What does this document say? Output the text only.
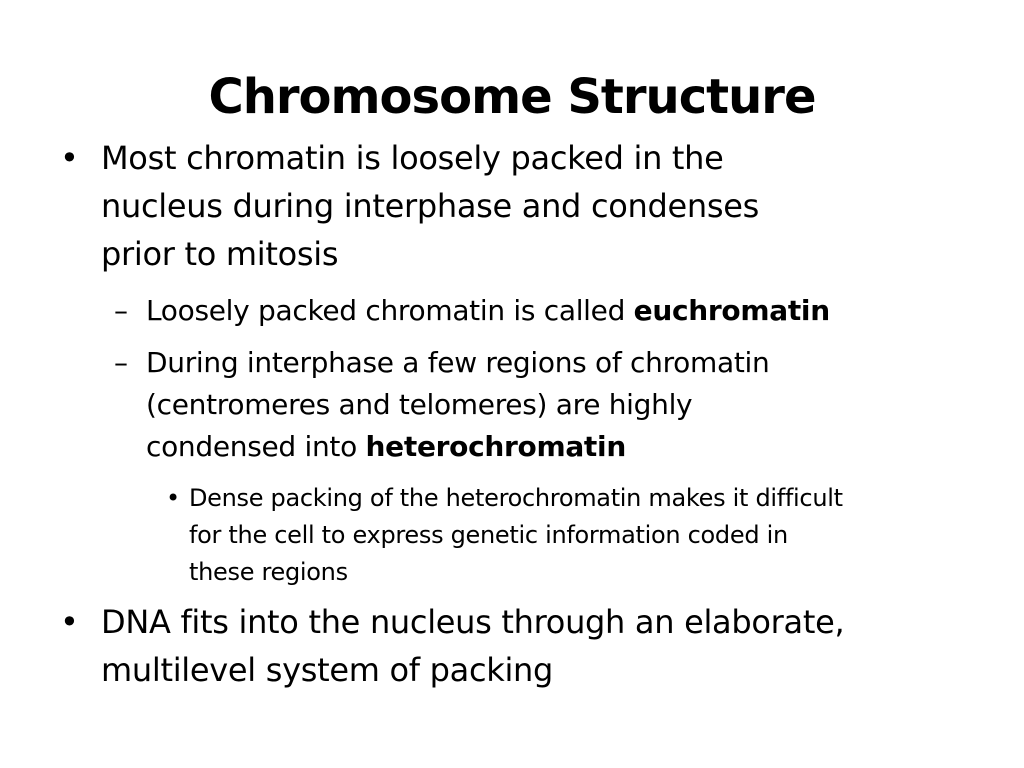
Chromosome Structure
• Most chromatin is loosely packed in the
nucleus during interphase and condenses
prior to mitosis
– Loosely packed chromatin is called euchromatin
– During interphase a few regions of chromatin
(centromeres and telomeres) are highly
condensed into heterochromatin
• Dense packing of the heterochromatin makes it difficult
for the cell to express genetic information coded in
these regions
• DNA fits into the nucleus through an elaborate,
multilevel system of packing
